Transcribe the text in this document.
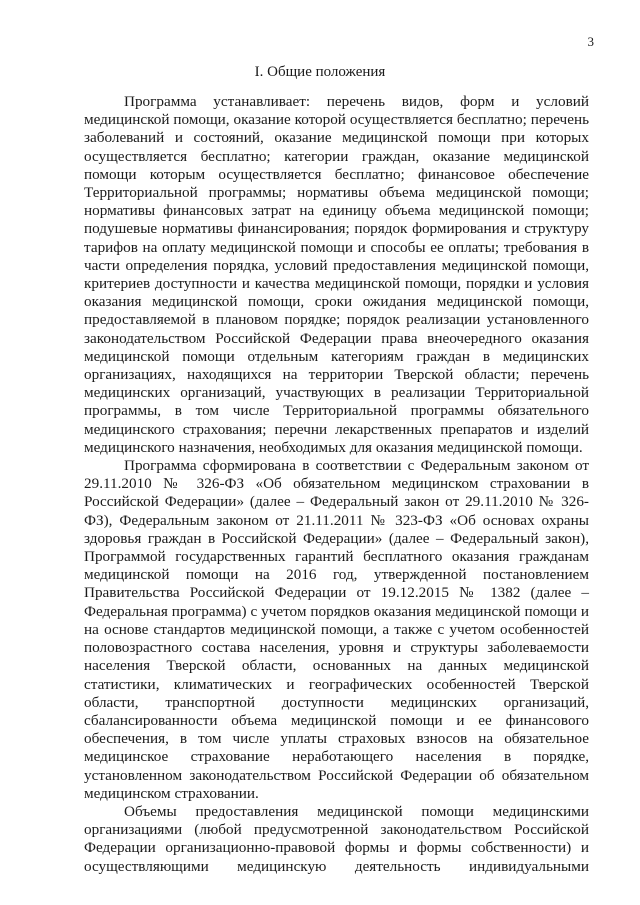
3
I. Общие положения

Программа устанавливает: перечень видов, форм и условий медицинской помощи, оказание которой осуществляется бесплатно; перечень заболеваний и состояний, оказание медицинской помощи при которых осуществляется бесплатно; категории граждан, оказание медицинской помощи которым осуществляется бесплатно; финансовое обеспечение Территориальной программы; нормативы объема медицинской помощи; нормативы финансовых затрат на единицу объема медицинской помощи; подушевые нормативы финансирования; порядок формирования и структуру тарифов на оплату медицинской помощи и способы ее оплаты; требования в части определения порядка, условий предоставления медицинской помощи, критериев доступности и качества медицинской помощи, порядки и условия оказания медицинской помощи, сроки ожидания медицинской помощи, предоставляемой в плановом порядке; порядок реализации установленного законодательством Российской Федерации права внеочередного оказания медицинской помощи отдельным категориям граждан в медицинских организациях, находящихся на территории Тверской области; перечень медицинских организаций, участвующих в реализации Территориальной программы, в том числе Территориальной программы обязательного медицинского страхования; перечни лекарственных препаратов и изделий медицинского назначения, необходимых для оказания медицинской помощи.

Программа сформирована в соответствии с Федеральным законом от 29.11.2010 № 326-ФЗ «Об обязательном медицинском страховании в Российской Федерации» (далее – Федеральный закон от 29.11.2010 № 326-ФЗ), Федеральным законом от 21.11.2011 № 323-ФЗ «Об основах охраны здоровья граждан в Российской Федерации» (далее – Федеральный закон), Программой государственных гарантий бесплатного оказания гражданам медицинской помощи на 2016 год, утвержденной постановлением Правительства Российской Федерации от 19.12.2015 № 1382 (далее – Федеральная программа) с учетом порядков оказания медицинской помощи и на основе стандартов медицинской помощи, а также с учетом особенностей половозрастного состава населения, уровня и структуры заболеваемости населения Тверской области, основанных на данных медицинской статистики, климатических и географических особенностей Тверской области, транспортной доступности медицинских организаций, сбалансированности объема медицинской помощи и ее финансового обеспечения, в том числе уплаты страховых взносов на обязательное медицинское страхование неработающего населения в порядке, установленном законодательством Российской Федерации об обязательном медицинском страховании.

Объемы предоставления медицинской помощи медицинскими организациями (любой предусмотренной законодательством Российской Федерации организационно-правовой формы и формы собственности) и осуществляющими медицинскую деятельность индивидуальными
